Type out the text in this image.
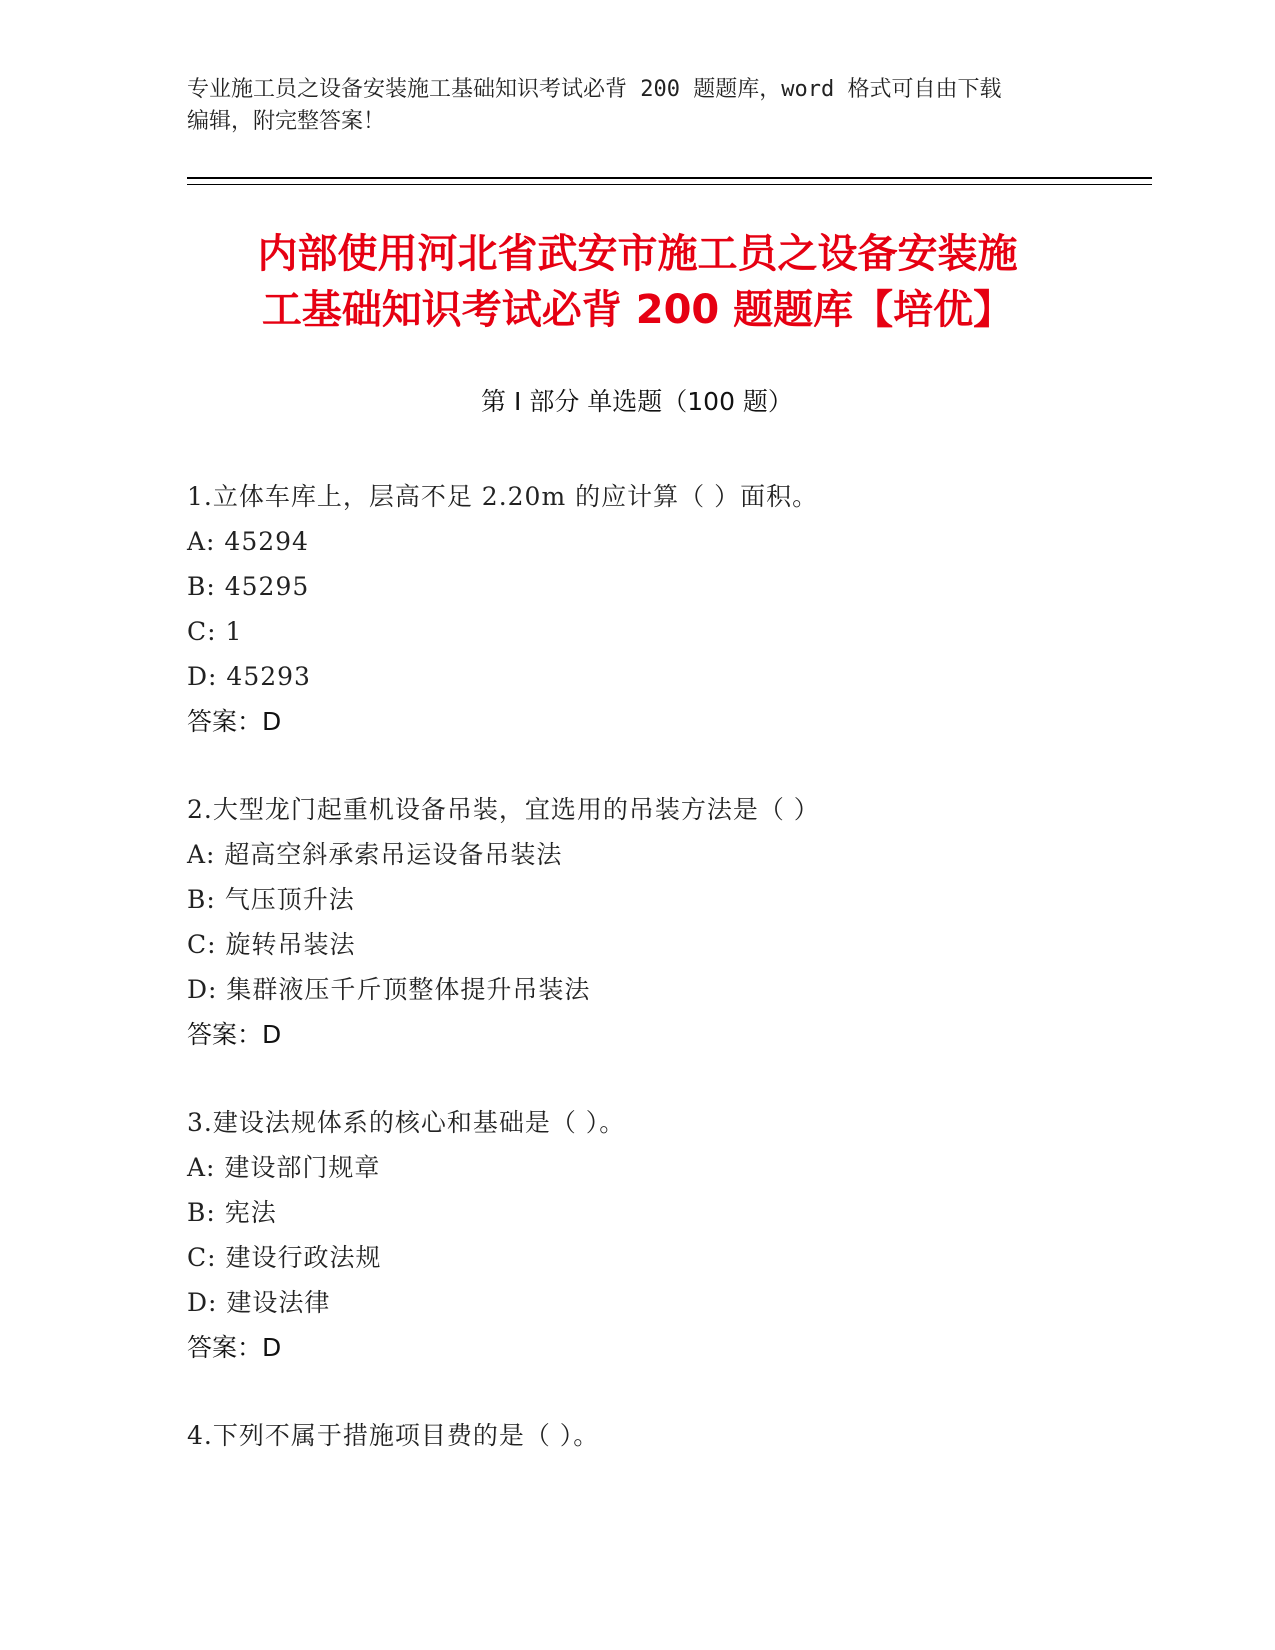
专业施工员之设备安装施工基础知识考试必背 200 题题库，word 格式可自由下载
编辑，附完整答案！
内部使用河北省武安市施工员之设备安装施
工基础知识考试必背 200 题题库【培优】
第 I 部分 单选题（100 题）
1.立体车库上，层高不足 2.20m 的应计算（ ）面积。
A: 45294
B: 45295
C: 1
D: 45293
答案：D
2.大型龙门起重机设备吊装，宜选用的吊装方法是（ ）
A: 超高空斜承索吊运设备吊装法
B: 气压顶升法
C: 旋转吊装法
D: 集群液压千斤顶整体提升吊装法
答案：D
3.建设法规体系的核心和基础是（ ）。
A: 建设部门规章
B: 宪法
C: 建设行政法规
D: 建设法律
答案：D
4.下列不属于措施项目费的是（ ）。
